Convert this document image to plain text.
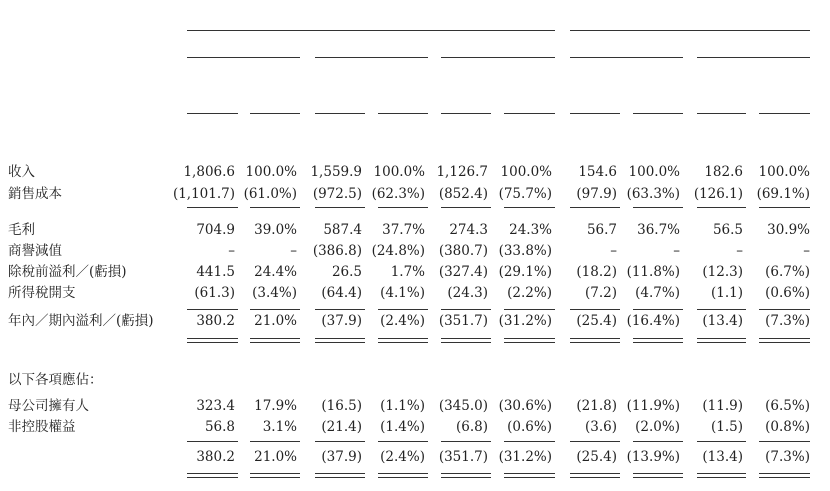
收入	1,806.6 100.0% 1,559.9 100.0% 1,126.7 100.0%	154.6 100.0%	182.6	100.0%
銷售成本	(1,101.7) (61.0%)	(972.5) (62.3%)	(852.4) (75.7%)	(97.9) (63.3%)	(126.1)	(69.1%)
毛利	704.9	39.0%	587.4	37.7%	274.3	24.3%	56.7	36.7%	56.5	30.9%
商譽減值	–	–	(386.8) (24.8%)	(380.7) (33.8%)	–	–	–	–
除稅前溢利／(虧損)	441.5	24.4%	26.5	1.7%	(327.4) (29.1%)	(18.2) (11.8%)	(12.3)	(6.7%)
所得稅開支	(61.3)	(3.4%)	(64.4)	(4.1%)	(24.3)	(2.2%)	(7.2)	(4.7%)	(1.1)	(0.6%)
年內／期內溢利／(虧損)	380.2	21.0%	(37.9)	(2.4%)	(351.7) (31.2%)	(25.4) (16.4%)	(13.4)	(7.3%)
以下各項應佔：
母公司擁有人	323.4	17.9%	(16.5)	(1.1%)	(345.0) (30.6%)	(21.8) (11.9%)	(11.9)	(6.5%)
非控股權益	56.8	3.1%	(21.4)	(1.4%)	(6.8)	(0.6%)	(3.6)	(2.0%)	(1.5)	(0.8%)
380.2	21.0%	(37.9)	(2.4%)	(351.7) (31.2%)	(25.4) (13.9%)	(13.4)	(7.3%)
